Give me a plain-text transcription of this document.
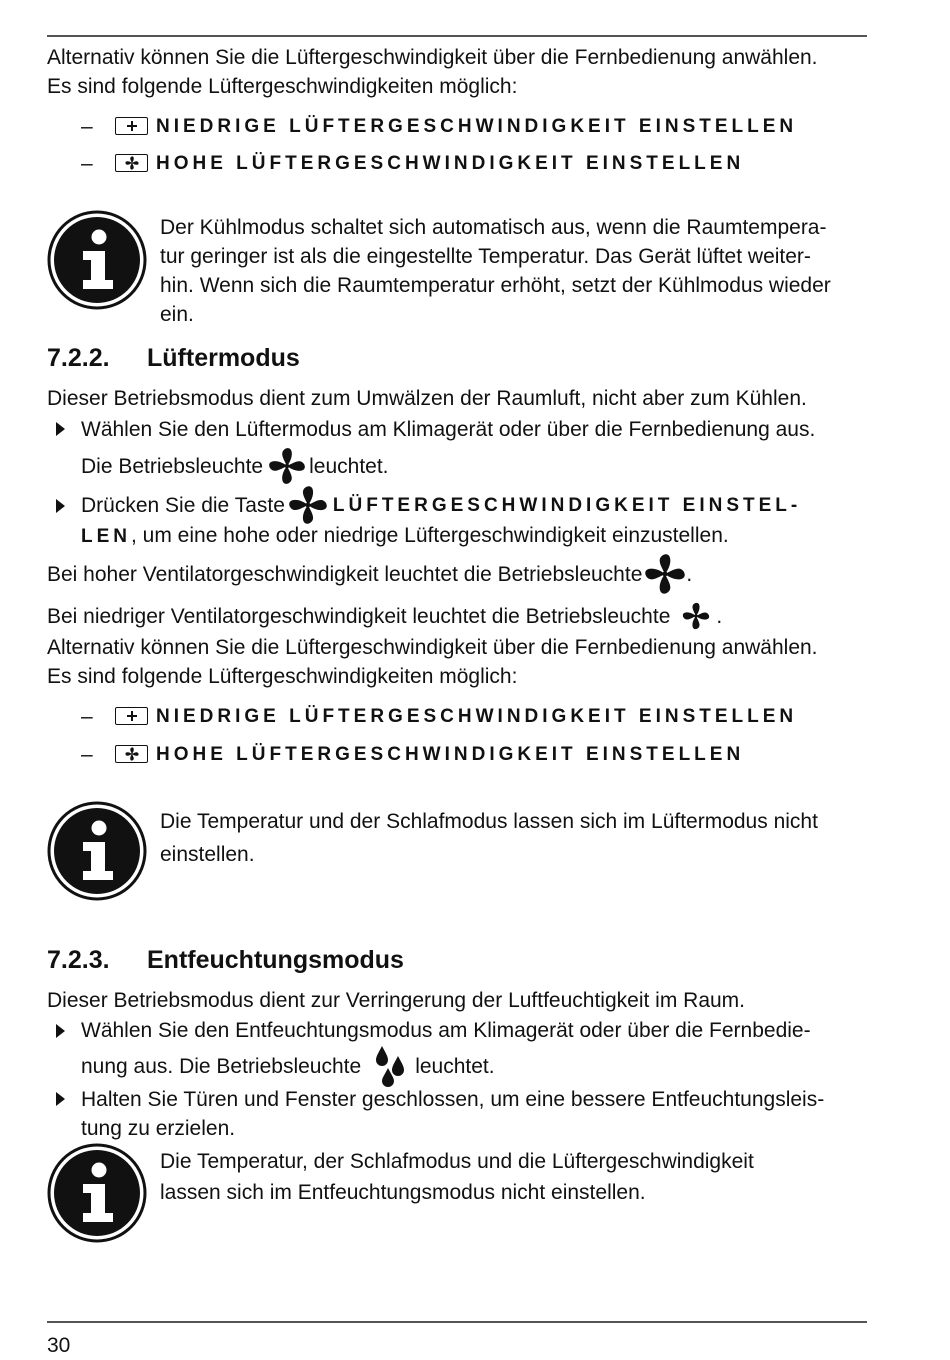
Alternativ können Sie die Lüftergeschwindigkeit über die Fernbedienung anwählen.

Es sind folgende Lüftergeschwindigkeiten möglich:

–	NIEDRIGE LÜFTERGESCHWINDIGKEIT EINSTELLEN
–	HOHE LÜFTERGESCHWINDIGKEIT EINSTELLEN

Der Kühlmodus schaltet sich automatisch aus, wenn die Raumtempera-

tur geringer ist als die eingestellte Temperatur. Das Gerät lüftet weiter-

hin. Wenn sich die Raumtemperatur erhöht, setzt der Kühlmodus wieder

ein.

7.2.2. Lüftermodus

Dieser Betriebsmodus dient zum Umwälzen der Raumluft, nicht aber zum Kühlen.

Wählen Sie den Lüftermodus am Klimagerät oder über die Fernbedienung aus.

Die Betriebsleuchte leuchtet.
Drücken Sie die Taste	LÜFTERGESCHWINDIGKEIT EINSTEL-

LEN, um eine hohe oder niedrige Lüftergeschwindigkeit einzustellen.

Bei hoher Ventilatorgeschwindigkeit leuchtet die Betriebsleuchte .
Bei niedriger Ventilatorgeschwindigkeit leuchtet die Betriebsleuchte .

Alternativ können Sie die Lüftergeschwindigkeit über die Fernbedienung anwählen.

Es sind folgende Lüftergeschwindigkeiten möglich:

–	NIEDRIGE LÜFTERGESCHWINDIGKEIT EINSTELLEN
–	HOHE LÜFTERGESCHWINDIGKEIT EINSTELLEN

Die Temperatur und der Schlafmodus lassen sich im Lüftermodus nicht

einstellen.

7.2.3. Entfeuchtungsmodus

Dieser Betriebsmodus dient zur Verringerung der Luftfeuchtigkeit im Raum.

Wählen Sie den Entfeuchtungsmodus am Klimagerät oder über die Fernbedie-

nung aus. Die Betriebsleuchte	leuchtet.

Halten Sie Türen und Fenster geschlossen, um eine bessere Entfeuchtungsleis-

tung zu erzielen.

Die Temperatur, der Schlafmodus und die Lüftergeschwindigkeit

lassen sich im Entfeuchtungsmodus nicht einstellen.

30
